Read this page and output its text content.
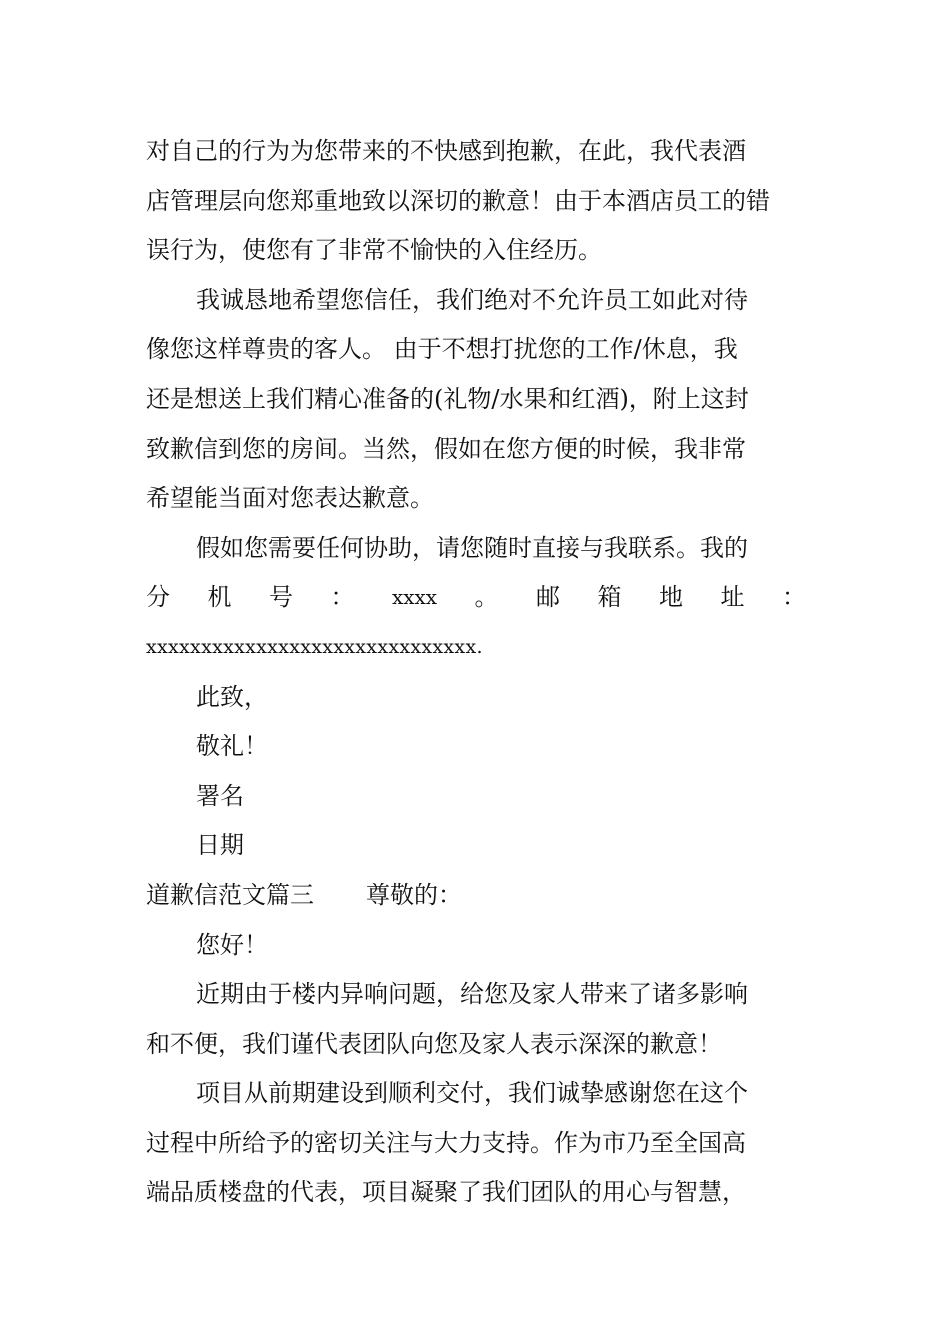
对自己的行为为您带来的不快感到抱歉，在此，我代表酒
店管理层向您郑重地致以深切的歉意！由于本酒店员工的错
误行为，使您有了非常不愉快的入住经历。
我诚恳地希望您信任，我们绝对不允许员工如此对待
像您这样尊贵的客人。 由于不想打扰您的工作/休息，我
还是想送上我们精心准备的(礼物/水果和红酒)，附上这封
致歉信到您的房间。当然，假如在您方便的时候，我非常
希望能当面对您表达歉意。
假如您需要任何协助，请您随时直接与我联系。我的
分 机 号 ： xxxx 。 邮 箱 地 址 ：
xxxxxxxxxxxxxxxxxxxxxxxxxxxxxx.
此致，
敬礼！
署名
日期
道歉信范文篇三 尊敬的：
您好！
近期由于楼内异响问题，给您及家人带来了诸多影响
和不便，我们谨代表团队向您及家人表示深深的歉意！
项目从前期建设到顺利交付，我们诚挚感谢您在这个
过程中所给予的密切关注与大力支持。作为市乃至全国高
端品质楼盘的代表，项目凝聚了我们团队的用心与智慧，
